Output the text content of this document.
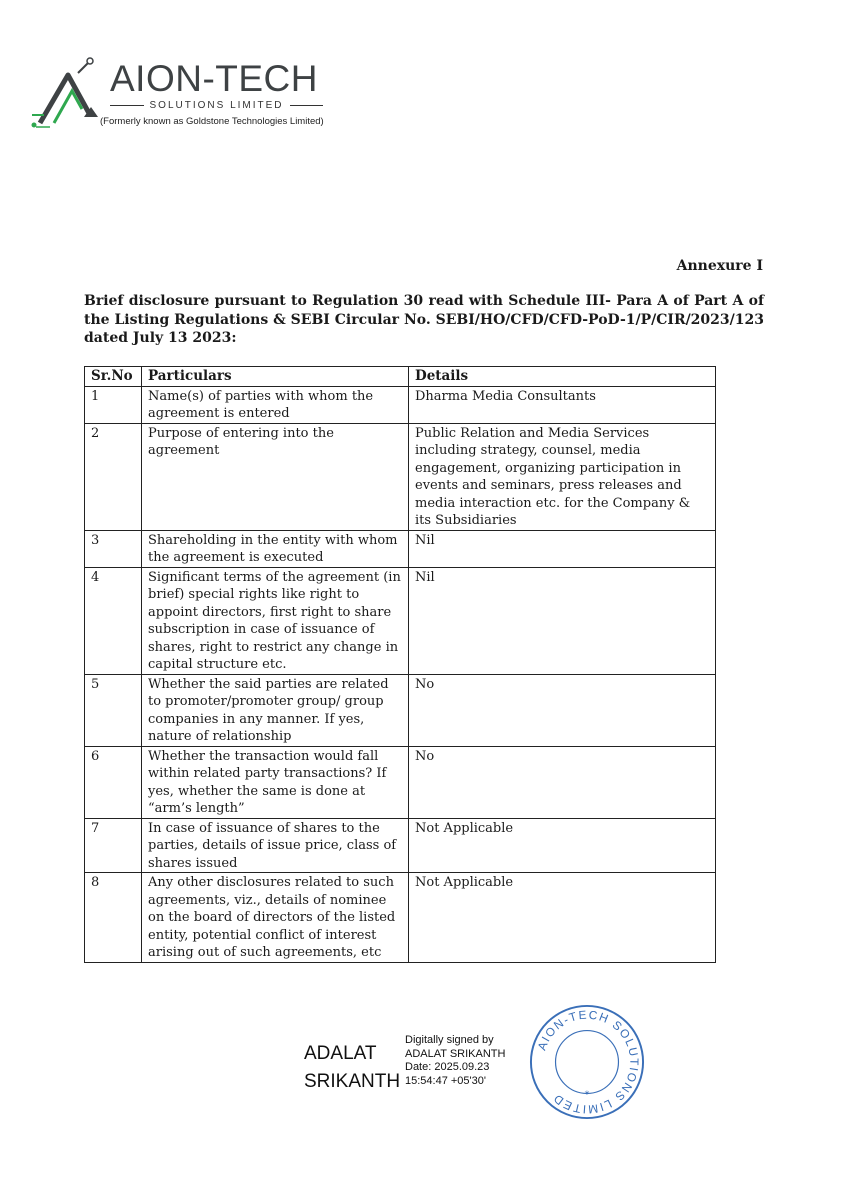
AION-TECH
SOLUTIONS LIMITED
(Formerly known as Goldstone Technologies Limited)
Annexure I
Brief disclosure pursuant to Regulation 30 read with Schedule III- Para A of Part A of the Listing Regulations & SEBI Circular No. SEBI/HO/CFD/CFD-PoD-1/P/CIR/2023/123 dated July 13 2023:
Sr.No	Particulars	Details
1	Name(s) of parties with whom the agreement is entered	Dharma Media Consultants
2	Purpose of entering into the agreement	Public Relation and Media Services including strategy, counsel, media engagement, organizing participation in events and seminars, press releases and media interaction etc. for the Company & its Subsidiaries
3	Shareholding in the entity with whom the agreement is executed	Nil
4	Significant terms of the agreement (in brief) special rights like right to appoint directors, first right to share subscription in case of issuance of shares, right to restrict any change in capital structure etc.	Nil
5	Whether the said parties are related to promoter/promoter group/ group companies in any manner. If yes, nature of relationship	No
6	Whether the transaction would fall within related party transactions? If yes, whether the same is done at “arm’s length”	No
7	In case of issuance of shares to the parties, details of issue price, class of shares issued	Not Applicable
8	Any other disclosures related to such agreements, viz., details of nominee on the board of directors of the listed entity, potential conflict of interest arising out of such agreements, etc	Not Applicable
ADALAT
SRIKANTH
Digitally signed by
ADALAT SRIKANTH
Date: 2025.09.23
15:54:47 +05'30'
AION-TECH SOLUTIONS LIMITED	*
